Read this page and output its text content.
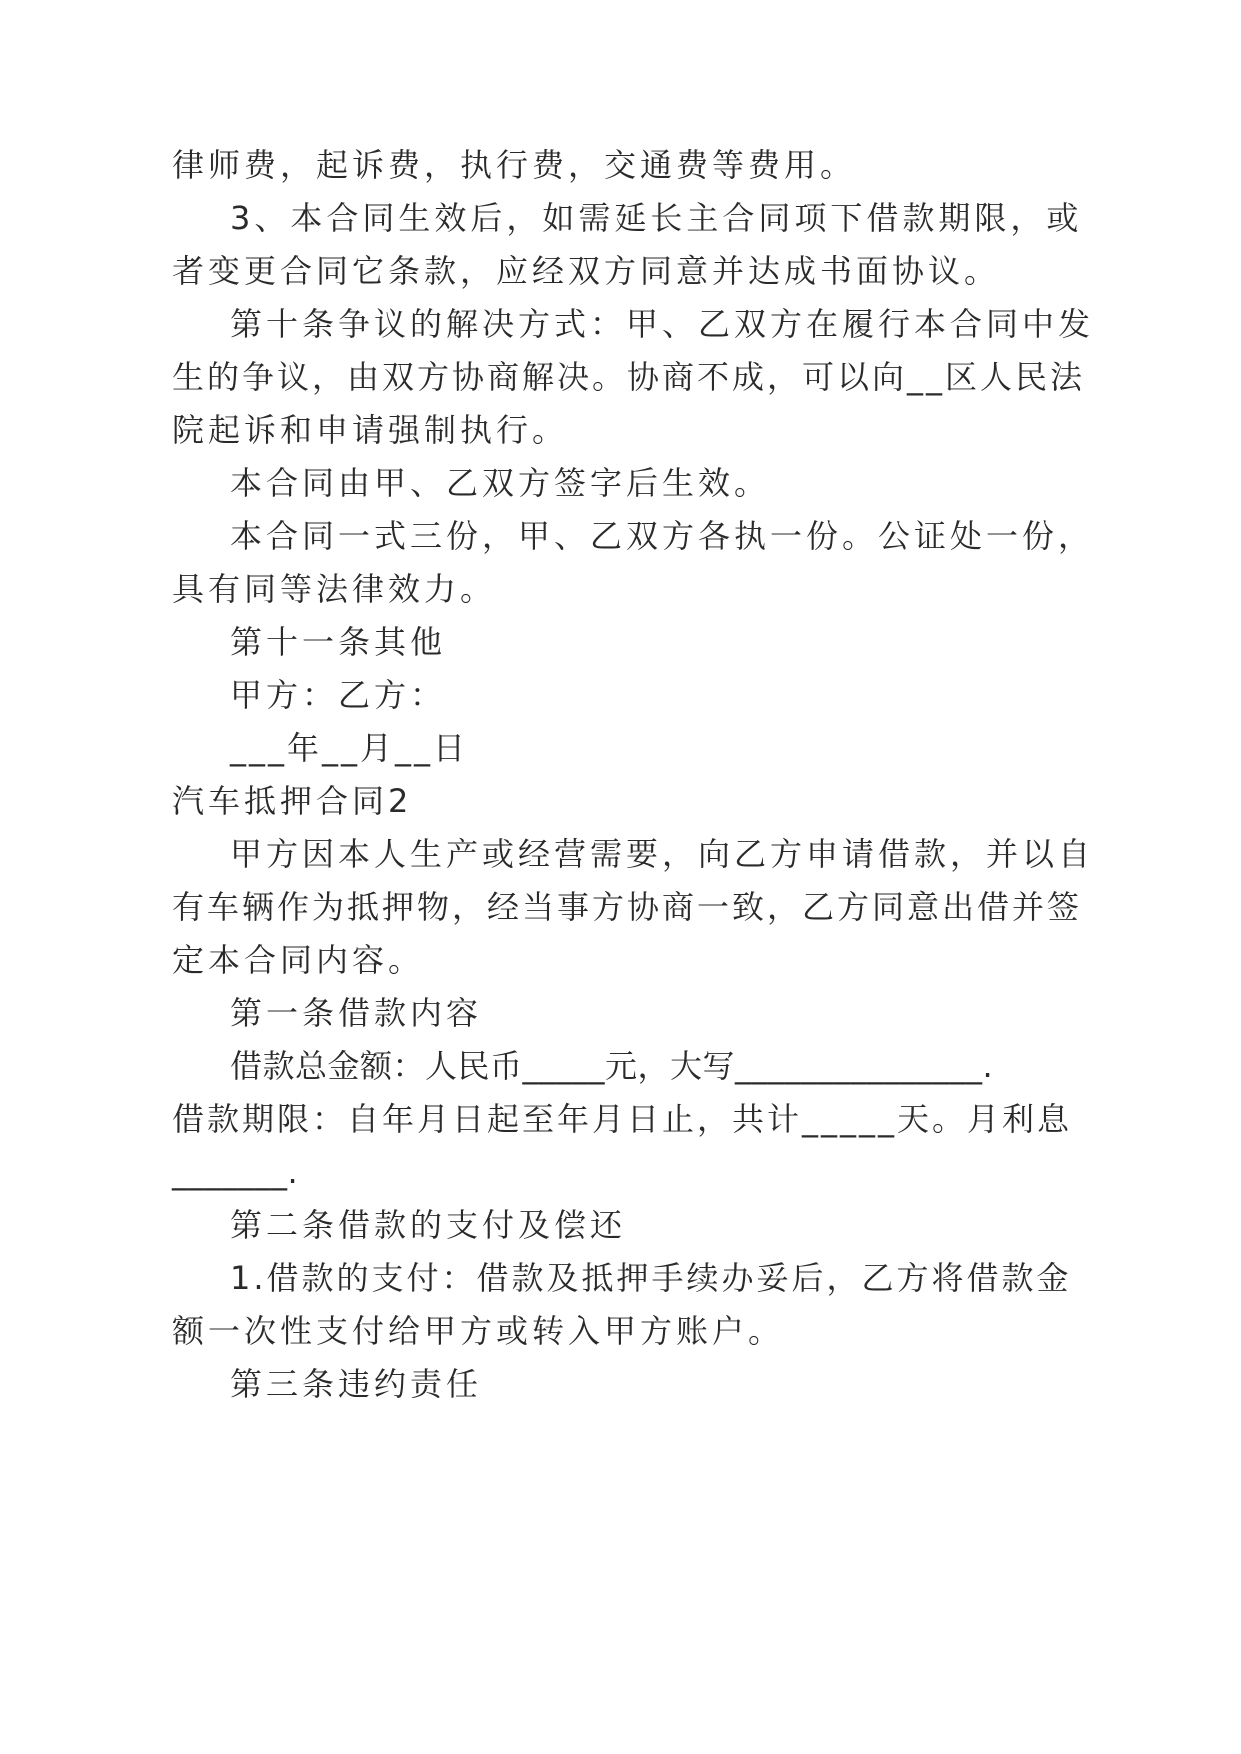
律师费，起诉费，执行费，交通费等费用。

3、本合同生效后，如需延长主合同项下借款期限，或

者变更合同它条款，应经双方同意并达成书面协议。

第十条争议的解决方式：甲、乙双方在履行本合同中发

生的争议，由双方协商解决。协商不成，可以向__区人民法

院起诉和申请强制执行。

本合同由甲、乙双方签字后生效。

本合同一式三份，甲、乙双方各执一份。公证处一份，

具有同等法律效力。

第十一条其他

甲方：乙方：

___年__月__日

汽车抵押合同2

甲方因本人生产或经营需要，向乙方申请借款，并以自

有车辆作为抵押物，经当事方协商一致，乙方同意出借并签

定本合同内容。

第一条借款内容

借款总金额：人民币_____元，大写_______________.

借款期限：自年月日起至年月日止，共计_____天。月利息

_______.

第二条借款的支付及偿还

1.借款的支付：借款及抵押手续办妥后，乙方将借款金

额一次性支付给甲方或转入甲方账户。

第三条违约责任
